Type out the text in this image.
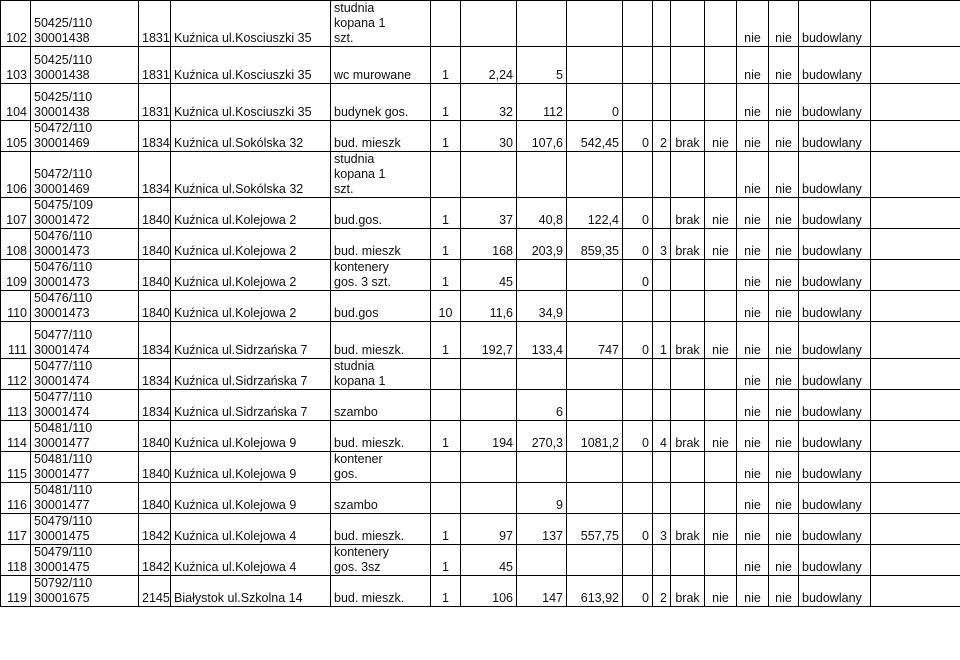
102	50425/110
30001438	1831	Kuźnica ul.Kosciuszki 35	studnia
kopana 1
szt.									nie	nie	budowlany	
103	50425/110
30001438	1831	Kuźnica ul.Kosciuszki 35	wc murowane	1	2,24	5						nie	nie	budowlany	
104	50425/110
30001438	1831	Kuźnica ul.Kosciuszki 35	budynek gos.	1	32	112	0					nie	nie	budowlany	
105	50472/110
30001469	1834	Kuźnica ul.Sokólska 32	bud. mieszk	1	30	107,6	542,45	0	2	brak	nie	nie	nie	budowlany	
106	50472/110
30001469	1834	Kuźnica ul.Sokólska 32	studnia
kopana 1
szt.									nie	nie	budowlany	
107	50475/109
30001472	1840	Kuźnica ul.Kolejowa 2	bud.gos.	1	37	40,8	122,4	0		brak	nie	nie	nie	budowlany	
108	50476/110
30001473	1840	Kuźnica ul.Kolejowa 2	bud. mieszk	1	168	203,9	859,35	0	3	brak	nie	nie	nie	budowlany	
109	50476/110
30001473	1840	Kuźnica ul.Kolejowa 2	kontenery
gos. 3 szt.	1	45			0				nie	nie	budowlany	
110	50476/110
30001473	1840	Kuźnica ul.Kolejowa 2	bud.gos	10	11,6	34,9						nie	nie	budowlany	
111	50477/110
30001474	1834	Kuźnica ul.Sidrzańska 7	bud. mieszk.	1	192,7	133,4	747	0	1	brak	nie	nie	nie	budowlany	
112	50477/110
30001474	1834	Kuźnica ul.Sidrzańska 7	studnia
kopana 1									nie	nie	budowlany	
113	50477/110
30001474	1834	Kuźnica ul.Sidrzańska 7	szambo			6						nie	nie	budowlany	
114	50481/110
30001477	1840	Kuźnica ul.Kolejowa 9	bud. mieszk.	1	194	270,3	1081,2	0	4	brak	nie	nie	nie	budowlany	
115	50481/110
30001477	1840	Kuźnica ul.Kolejowa 9	kontener
gos.									nie	nie	budowlany	
116	50481/110
30001477	1840	Kuźnica ul.Kolejowa 9	szambo			9						nie	nie	budowlany	
117	50479/110
30001475	1842	Kuźnica ul.Kolejowa 4	bud. mieszk.	1	97	137	557,75	0	3	brak	nie	nie	nie	budowlany	
118	50479/110
30001475	1842	Kuźnica ul.Kolejowa 4	kontenery
gos. 3sz	1	45							nie	nie	budowlany	
119	50792/110
30001675	2145	Białystok ul.Szkolna 14	bud. mieszk.	1	106	147	613,92	0	2	brak	nie	nie	nie	budowlany	
